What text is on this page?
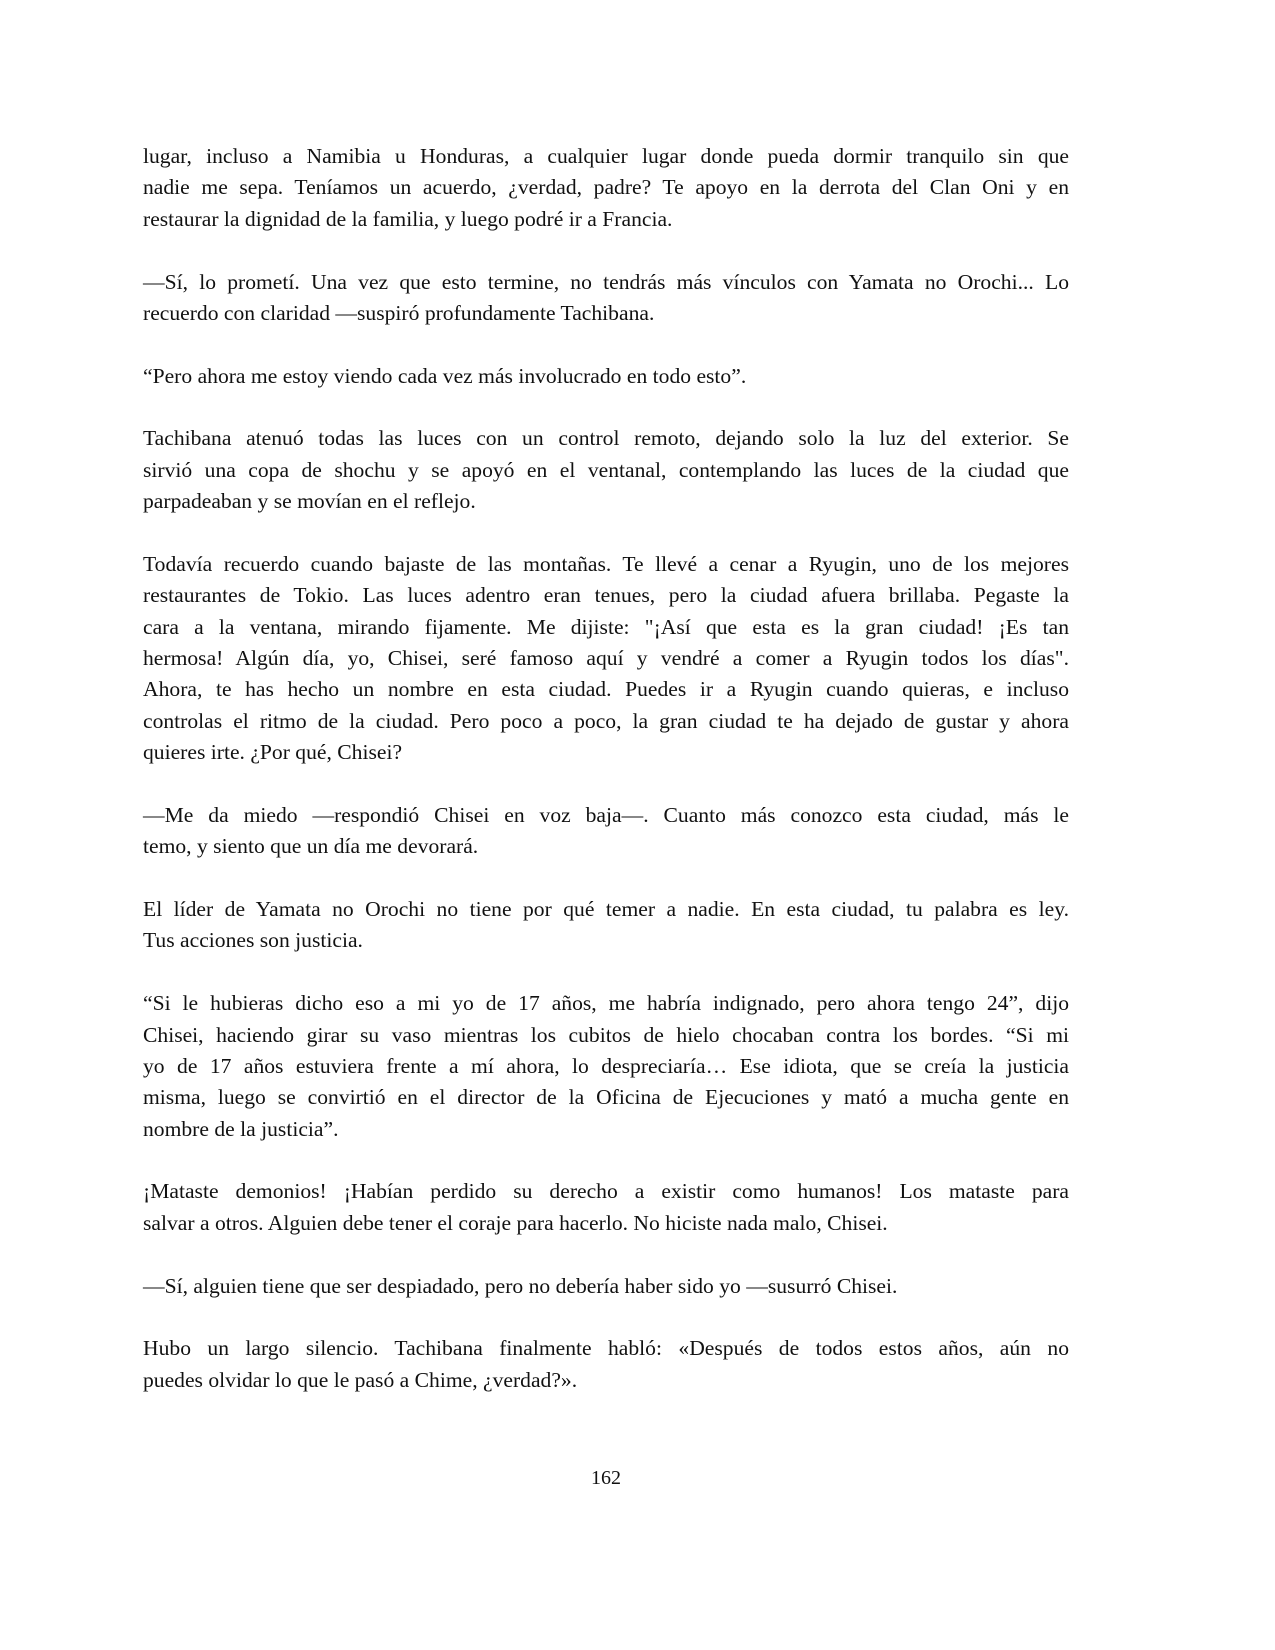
lugar, incluso a Namibia u Honduras, a cualquier lugar donde pueda dormir tranquilo sin que
nadie me sepa. Teníamos un acuerdo, ¿verdad, padre? Te apoyo en la derrota del Clan Oni y en
restaurar la dignidad de la familia, y luego podré ir a Francia.
—Sí, lo prometí. Una vez que esto termine, no tendrás más vínculos con Yamata no Orochi... Lo
recuerdo con claridad —suspiró profundamente Tachibana.
“Pero ahora me estoy viendo cada vez más involucrado en todo esto”.
Tachibana atenuó todas las luces con un control remoto, dejando solo la luz del exterior. Se
sirvió una copa de shochu y se apoyó en el ventanal, contemplando las luces de la ciudad que
parpadeaban y se movían en el reflejo.
Todavía recuerdo cuando bajaste de las montañas. Te llevé a cenar a Ryugin, uno de los mejores
restaurantes de Tokio. Las luces adentro eran tenues, pero la ciudad afuera brillaba. Pegaste la
cara a la ventana, mirando fijamente. Me dijiste: "¡Así que esta es la gran ciudad! ¡Es tan
hermosa! Algún día, yo, Chisei, seré famoso aquí y vendré a comer a Ryugin todos los días".
Ahora, te has hecho un nombre en esta ciudad. Puedes ir a Ryugin cuando quieras, e incluso
controlas el ritmo de la ciudad. Pero poco a poco, la gran ciudad te ha dejado de gustar y ahora
quieres irte. ¿Por qué, Chisei?
—Me da miedo —respondió Chisei en voz baja—. Cuanto más conozco esta ciudad, más le
temo, y siento que un día me devorará.
El líder de Yamata no Orochi no tiene por qué temer a nadie. En esta ciudad, tu palabra es ley.
Tus acciones son justicia.
“Si le hubieras dicho eso a mi yo de 17 años, me habría indignado, pero ahora tengo 24”, dijo
Chisei, haciendo girar su vaso mientras los cubitos de hielo chocaban contra los bordes. “Si mi
yo de 17 años estuviera frente a mí ahora, lo despreciaría… Ese idiota, que se creía la justicia
misma, luego se convirtió en el director de la Oficina de Ejecuciones y mató a mucha gente en
nombre de la justicia”.
¡Mataste demonios! ¡Habían perdido su derecho a existir como humanos! Los mataste para
salvar a otros. Alguien debe tener el coraje para hacerlo. No hiciste nada malo, Chisei.
—Sí, alguien tiene que ser despiadado, pero no debería haber sido yo —susurró Chisei.
Hubo un largo silencio. Tachibana finalmente habló: «Después de todos estos años, aún no
puedes olvidar lo que le pasó a Chime, ¿verdad?».
162
